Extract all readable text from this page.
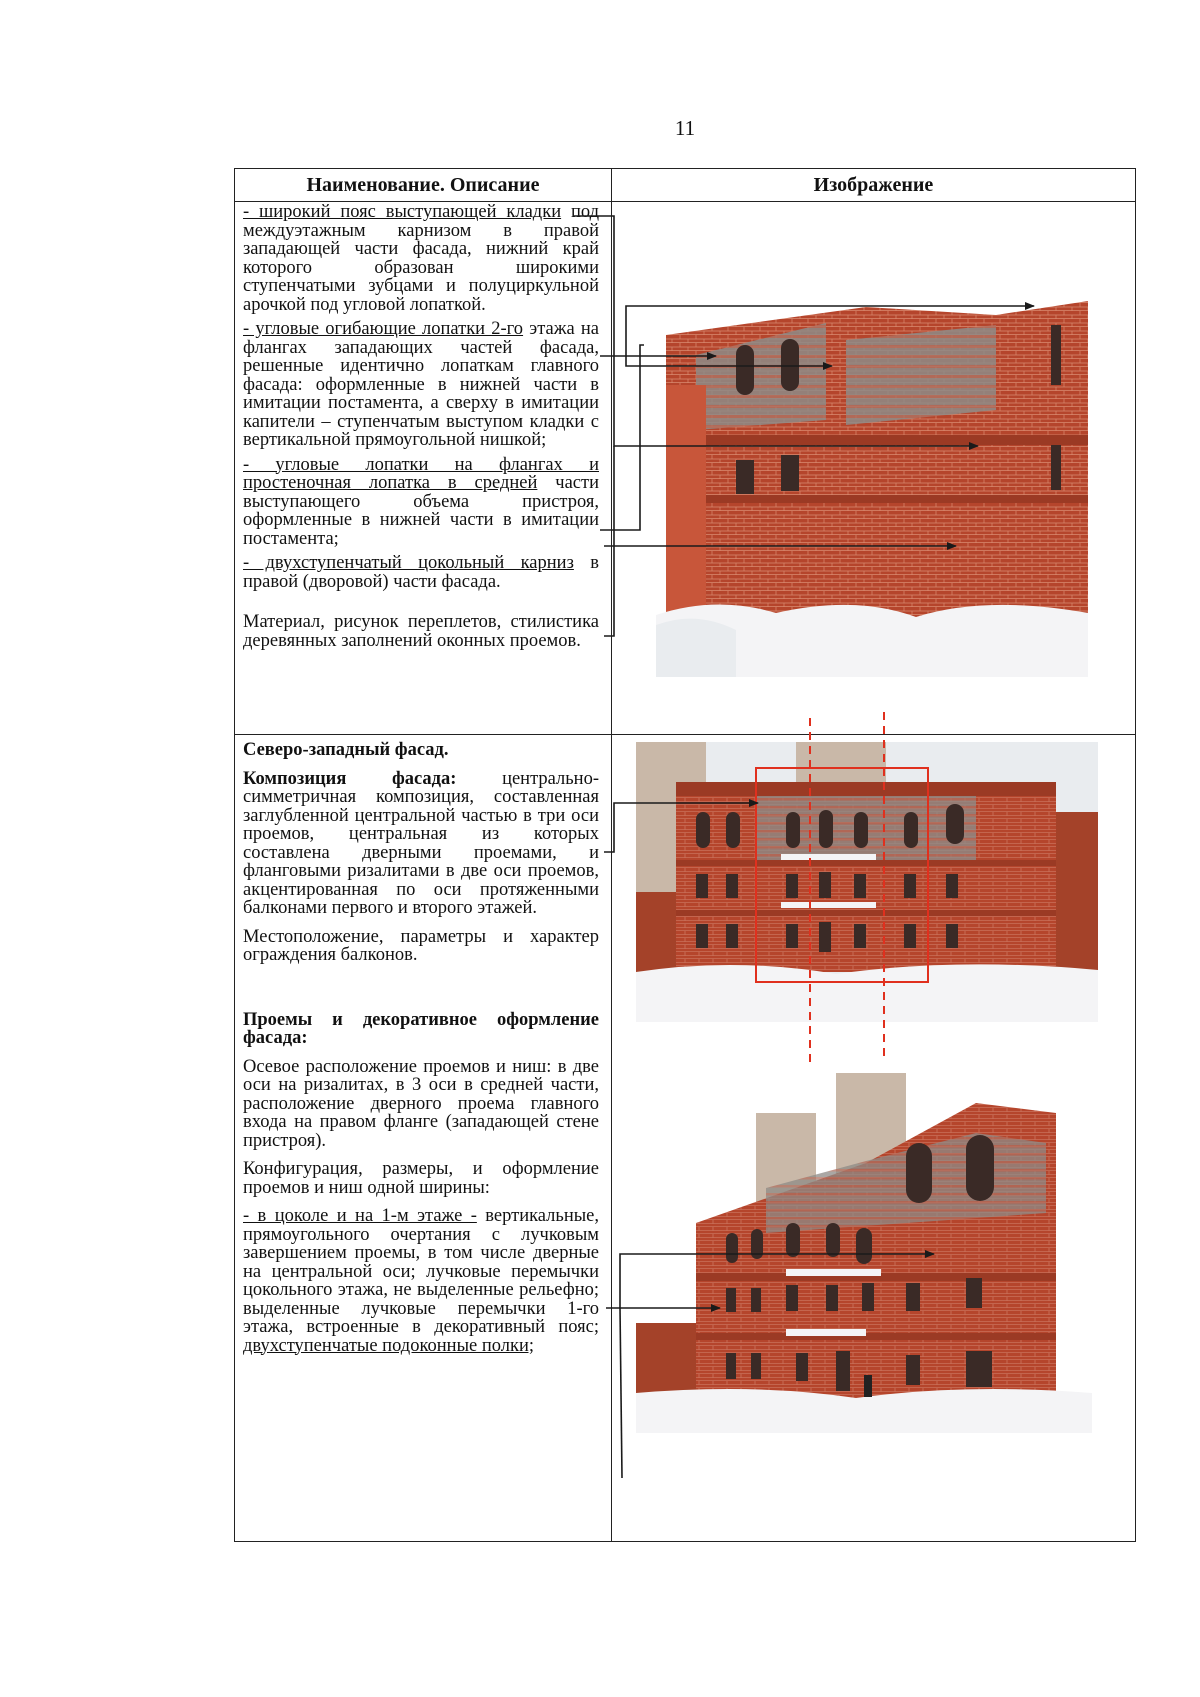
11
Наименование. Описание	Изображение

- широкий пояс выступающей кладки под междуэтажным карнизом в правой западающей части фасада, нижний край которого образован широкими ступенчатыми зубцами и полуциркульной арочкой под угловой лопаткой.

- угловые огибающие лопатки 2-го этажа на флангах западающих частей фасада, решенные идентично лопаткам главного фасада: оформленные в нижней части в имитации постамента, а сверху в имитации капители – ступенчатым выступом кладки с вертикальной прямоугольной нишкой;

- угловые лопатки на флангах и простеночная лопатка в средней части выступающего объема пристроя, оформленные в нижней части в имитации постамента;

- двухступенчатый цокольный карниз в правой (дворовой) части фасада.

Материал, рисунок переплетов, стилистика деревянных заполнений оконных проемов.

Северо-западный фасад.

Композиция фасада: центрально-симметричная композиция, составленная заглубленной центральной частью в три оси проемов, центральная из которых составлена дверными проемами, и фланговыми ризалитами в две оси проемов, акцентированная по оси протяженными балконами первого и второго этажей.

Местоположение, параметры и характер ограждения балконов.

Проемы и декоративное оформление фасада:

Осевое расположение проемов и ниш: в две оси на ризалитах, в 3 оси в средней части, расположение дверного проема главного входа на правом фланге (западающей стене пристроя).

Конфигурация, размеры, и оформление проемов и ниш одной ширины:

- в цоколе и на 1-м этаже - вертикальные, прямоугольного очертания с лучковым завершением проемы, в том числе дверные на центральной оси; лучковые перемычки цокольного этажа, не выделенные рельефно; выделенные лучковые перемычки 1-го этажа, встроенные в декоративный пояс; двухступенчатые подоконные полки;
